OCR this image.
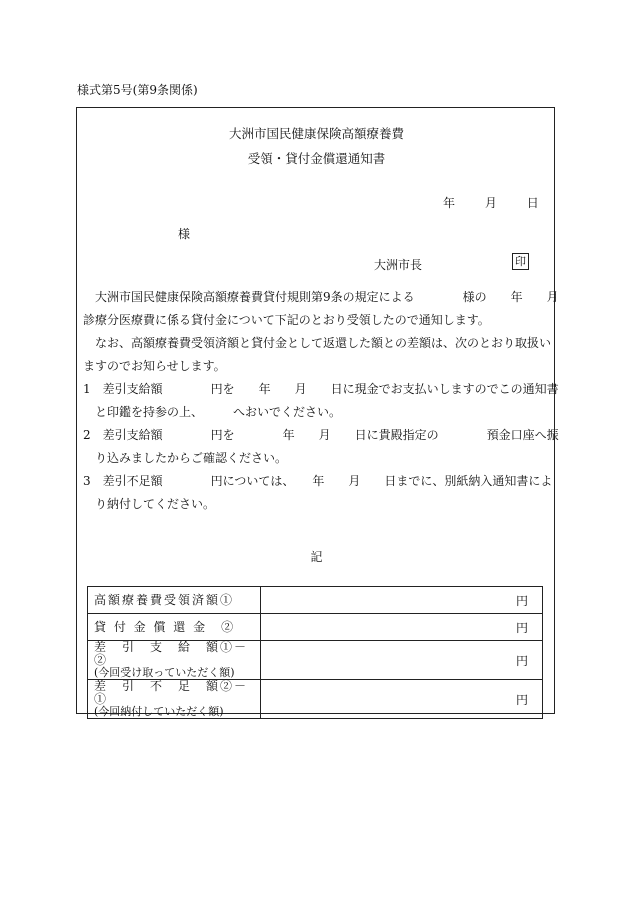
様式第5号(第9条関係)
大洲市国民健康保険高額療養費
受領・貸付金償還通知書
年 月 日
様
大洲市長	印
　大洲市国民健康保険高額療養費貸付規則第9条の規定による　　　　様の　　年　　月
診療分医療費に係る貸付金について下記のとおり受領したので通知します。
　なお、高額療養費受領済額と貸付金として返還した額との差額は、次のとおり取扱い
ますのでお知らせします。
1　差引支給額　　　　円を　　年　　月　　日に現金でお支払いしますのでこの通知書
　と印鑑を持参の上、　　　へおいでください。
2　差引支給額　　　　円を　　　　年　　月　　日に貴殿指定の　　　　預金口座へ振
　り込みましたからご確認ください。
3　差引不足額　　　　円については、　　年　　月　　日までに、別紙納入通知書によ
　り納付してください。
記
高額療養費受領済額①	円

貸 付 金 償 還 金　②	円

差　引　支　給　額①－②
(今回受け取っていただく額)	円

差　引　不　足　額②－①
(今回納付していただく額)	円
